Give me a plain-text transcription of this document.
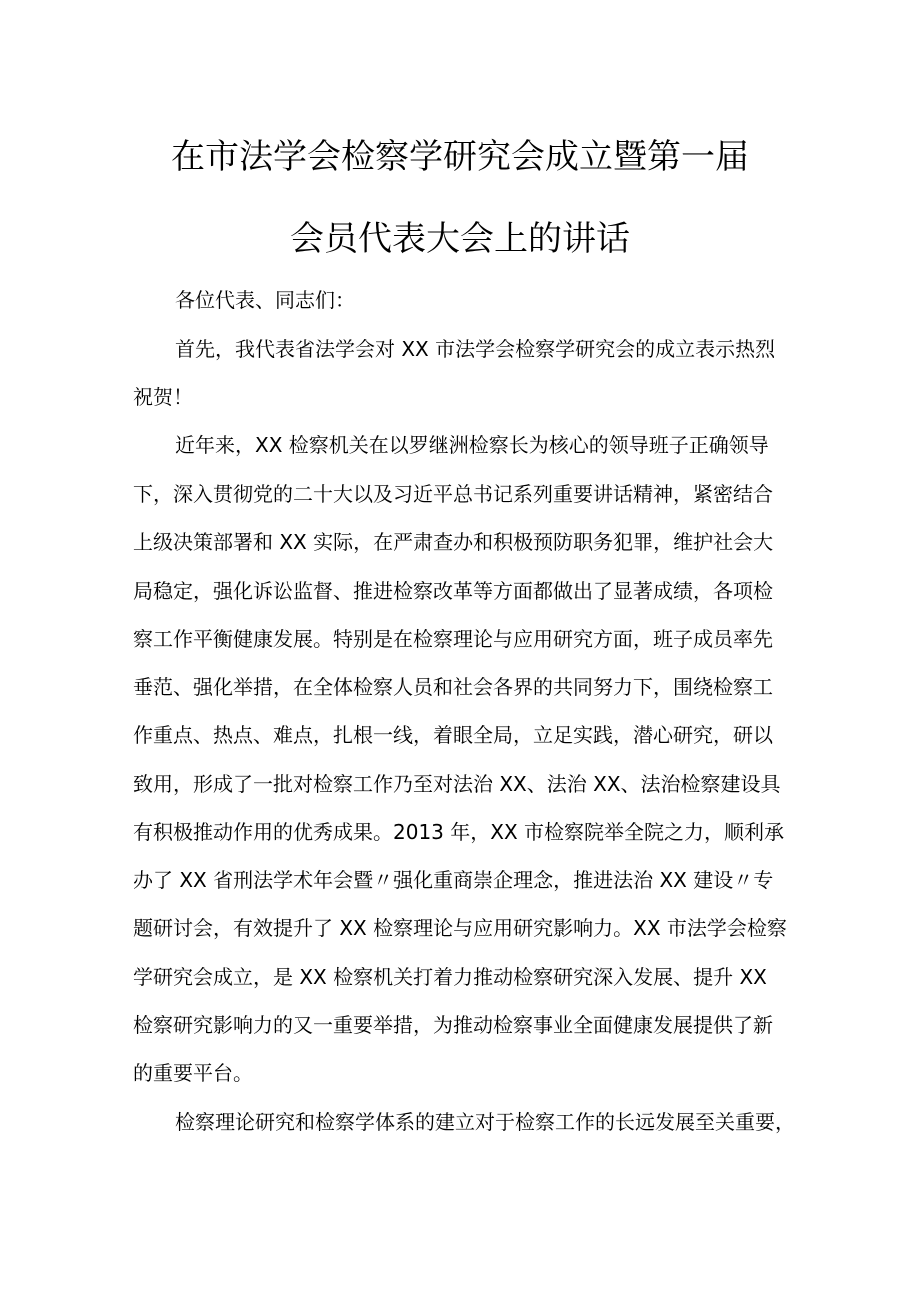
在市法学会检察学研究会成立暨第一届
会员代表大会上的讲话

各位代表、同志们：

首先，我代表省法学会对 XX 市法学会检察学研究会的成立表示热烈

祝贺！

近年来，XX 检察机关在以罗继洲检察长为核心的领导班子正确领导

下，深入贯彻党的二十大以及习近平总书记系列重要讲话精神，紧密结合

上级决策部署和 XX 实际，在严肃查办和积极预防职务犯罪，维护社会大

局稳定，强化诉讼监督、推进检察改革等方面都做出了显著成绩，各项检

察工作平衡健康发展。特别是在检察理论与应用研究方面，班子成员率先

垂范、强化举措，在全体检察人员和社会各界的共同努力下，围绕检察工

作重点、热点、难点，扎根一线，着眼全局，立足实践，潜心研究，研以

致用，形成了一批对检察工作乃至对法治 XX、法治 XX、法治检察建设具

有积极推动作用的优秀成果。2013 年，XX 市检察院举全院之力，顺利承

办了 XX 省刑法学术年会暨〃强化重商崇企理念，推进法治 XX 建设〃专

题研讨会，有效提升了 XX 检察理论与应用研究影响力。XX 市法学会检察

学研究会成立，是 XX 检察机关打着力推动检察研究深入发展、提升 XX

检察研究影响力的又一重要举措，为推动检察事业全面健康发展提供了新

的重要平台。

检察理论研究和检察学体系的建立对于检察工作的长远发展至关重要，
